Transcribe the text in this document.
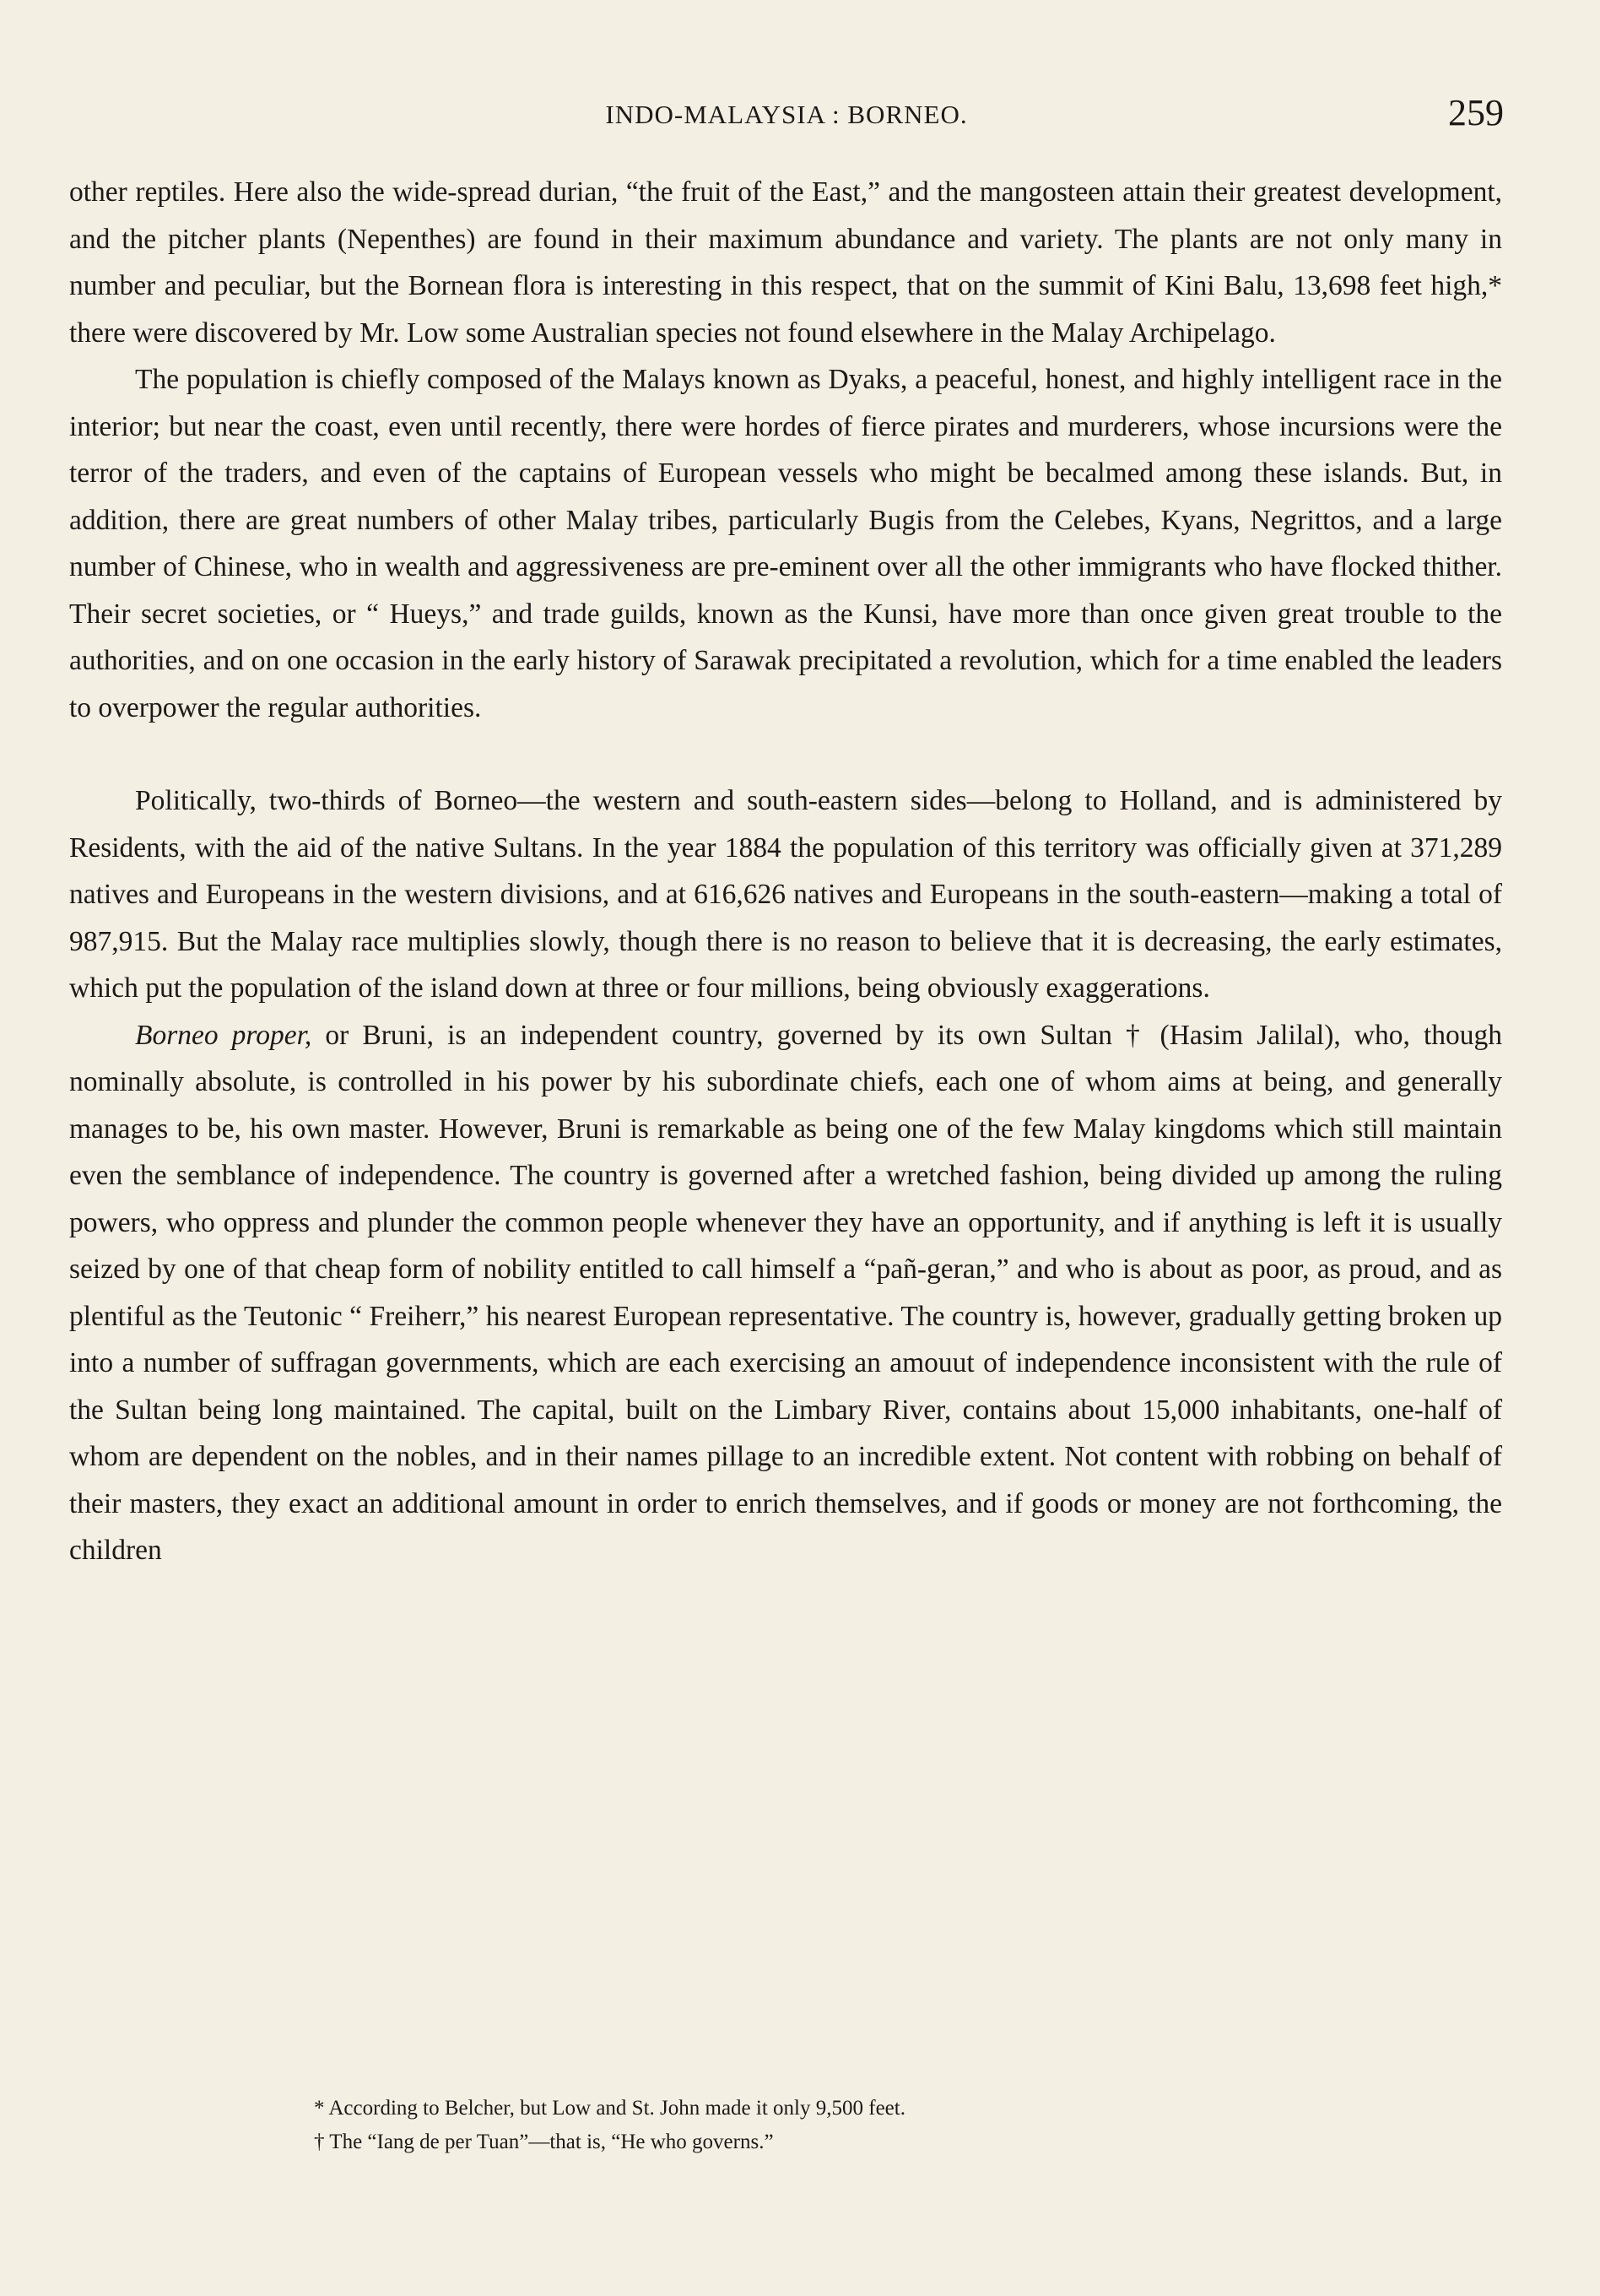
INDO-MALAYSIA : BORNEO.	259

other reptiles. Here also the wide-spread durian, “the fruit of the East,” and the mangosteen attain their greatest development, and the pitcher plants (Nepenthes) are found in their maximum abundance and variety. The plants are not only many in number and peculiar, but the Bornean flora is interesting in this respect, that on the summit of Kini Balu, 13,698 feet high,* there were discovered by Mr. Low some Australian species not found elsewhere in the Malay Archipelago.

The population is chiefly composed of the Malays known as Dyaks, a peaceful, honest, and highly intelligent race in the interior; but near the coast, even until recently, there were hordes of fierce pirates and murderers, whose incursions were the terror of the traders, and even of the captains of European vessels who might be becalmed among these islands. But, in addition, there are great numbers of other Malay tribes, particularly Bugis from the Celebes, Kyans, Negrittos, and a large number of Chinese, who in wealth and aggressiveness are pre-eminent over all the other immigrants who have flocked thither. Their secret societies, or “ Hueys,” and trade guilds, known as the Kunsi, have more than once given great trouble to the authorities, and on one occasion in the early history of Sarawak precipitated a revolution, which for a time enabled the leaders to overpower the regular authorities.

Politically, two-thirds of Borneo—the western and south-eastern sides—belong to Holland, and is administered by Residents, with the aid of the native Sultans. In the year 1884 the population of this territory was officially given at 371,289 natives and Europeans in the western divisions, and at 616,626 natives and Europeans in the south-eastern—making a total of 987,915. But the Malay race multiplies slowly, though there is no reason to believe that it is decreasing, the early estimates, which put the population of the island down at three or four millions, being obviously exaggerations.

Borneo proper, or Bruni, is an independent country, governed by its own Sultan † (Hasim Jalilal), who, though nominally absolute, is controlled in his power by his subordinate chiefs, each one of whom aims at being, and generally manages to be, his own master. However, Bruni is remarkable as being one of the few Malay kingdoms which still maintain even the semblance of independence. The country is governed after a wretched fashion, being divided up among the ruling powers, who oppress and plunder the common people whenever they have an opportunity, and if anything is left it is usually seized by one of that cheap form of nobility entitled to call himself a “pañ-geran,” and who is about as poor, as proud, and as plentiful as the Teutonic “ Freiherr,” his nearest European representative. The country is, however, gradually getting broken up into a number of suffragan governments, which are each exercising an amouut of independence inconsistent with the rule of the Sultan being long maintained. The capital, built on the Limbary River, contains about 15,000 inhabitants, one-half of whom are dependent on the nobles, and in their names pillage to an incredible extent. Not content with robbing on behalf of their masters, they exact an additional amount in order to enrich themselves, and if goods or money are not forthcoming, the children

* According to Belcher, but Low and St. John made it only 9,500 feet.
† The “Iang de per Tuan”—that is, “He who governs.”
